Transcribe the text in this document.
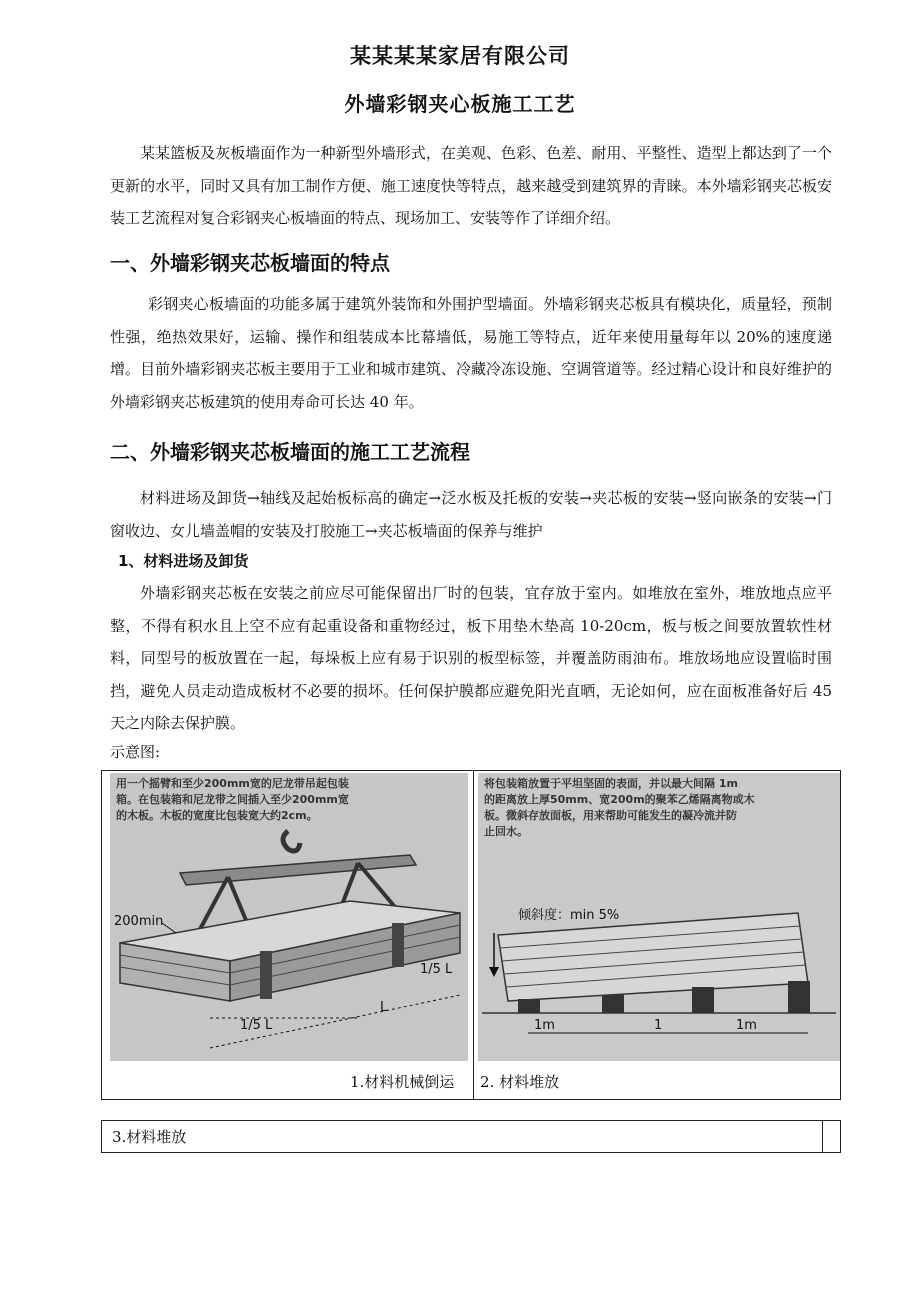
某某某某家居有限公司
外墙彩钢夹心板施工工艺
某某篮板及灰板墙面作为一种新型外墙形式，在美观、色彩、色差、耐用、平整性、造型上都达到了一个更新的水平，同时又具有加工制作方便、施工速度快等特点，越来越受到建筑界的青睐。本外墙彩钢夹芯板安装工艺流程对复合彩钢夹心板墙面的特点、现场加工、安装等作了详细介绍。
一、外墙彩钢夹芯板墙面的特点
彩钢夹心板墙面的功能多属于建筑外装饰和外围护型墙面。外墙彩钢夹芯板具有模块化，质量轻，预制性强，绝热效果好，运输、操作和组装成本比幕墙低，易施工等特点，近年来使用量每年以 20%的速度递增。目前外墙彩钢夹芯板主要用于工业和城市建筑、冷藏冷冻设施、空调管道等。经过精心设计和良好维护的外墙彩钢夹芯板建筑的使用寿命可长达 40 年。
二、外墙彩钢夹芯板墙面的施工工艺流程
材料进场及卸货→轴线及起始板标高的确定→泛水板及托板的安装→夹芯板的安装→竖向嵌条的安装→门窗收边、女儿墙盖帽的安装及打胶施工→夹芯板墙面的保养与维护
1、材料进场及卸货
外墙彩钢夹芯板在安装之前应尽可能保留出厂时的包装，宜存放于室内。如堆放在室外，堆放地点应平整，不得有积水且上空不应有起重设备和重物经过，板下用垫木垫高 10-20cm，板与板之间要放置软性材料，同型号的板放置在一起，每垛板上应有易于识别的板型标签，并覆盖防雨油布。堆放场地应设置临时围挡，避免人员走动造成板材不必要的损坏。任何保护膜都应避免阳光直晒，无论如何，应在面板准备好后 45 天之内除去保护膜。
示意图:
用一个摇臂和至少200mm宽的尼龙带吊起包装
箱。在包装箱和尼龙带之间插入至少200mm宽
的木板。木板的宽度比包装宽大约2cm。
200min
1/5 L
1/5 L
L
1.材料机械倒运
将包装箱放置于平坦坚固的表面，并以最大间隔 1m
的距离放上厚50mm、宽200m的聚苯乙烯隔离物或木
板。微斜存放面板，用来帮助可能发生的凝冷流并防
止回水。
倾斜度：min 5%
1m	1	1m
2. 材料堆放
3.材料堆放
